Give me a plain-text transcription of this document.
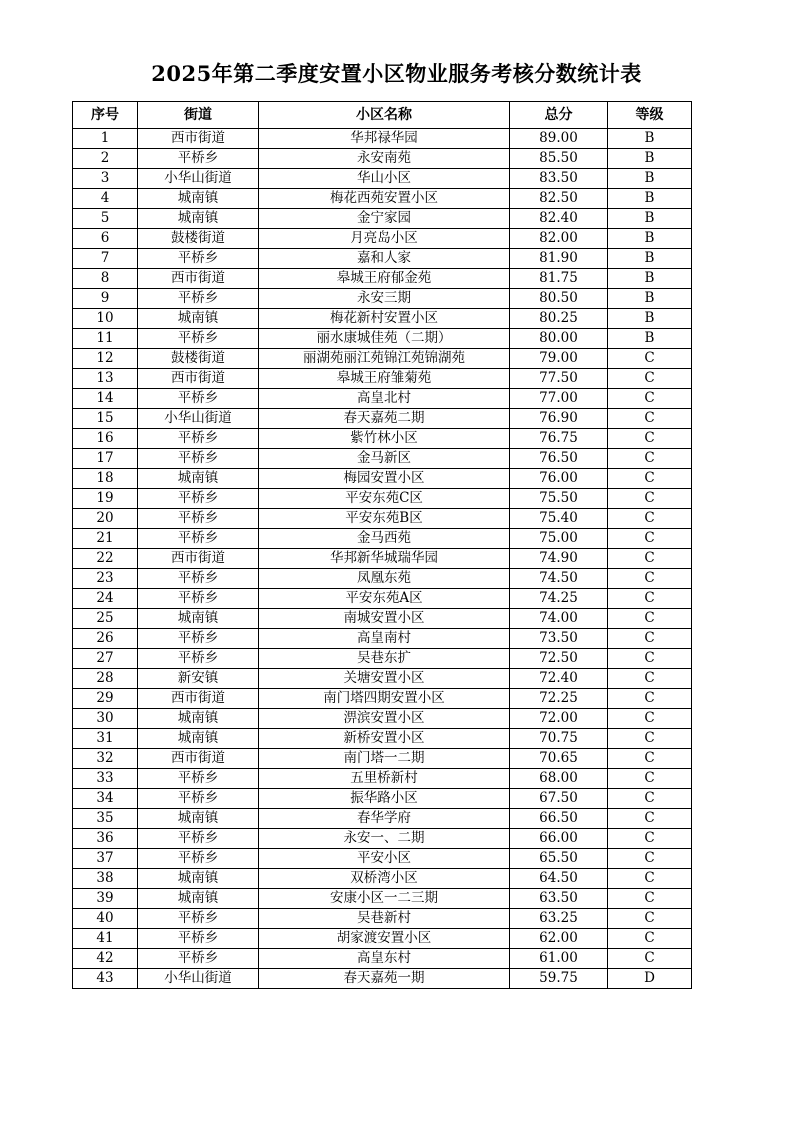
2025年第二季度安置小区物业服务考核分数统计表
序号	街道	小区名称	总分	等级
1	西市街道	华邦禄华园	89.00	B
2	平桥乡	永安南苑	85.50	B
3	小华山街道	华山小区	83.50	B
4	城南镇	梅花西苑安置小区	82.50	B
5	城南镇	金宁家园	82.40	B
6	鼓楼街道	月亮岛小区	82.00	B
7	平桥乡	嘉和人家	81.90	B
8	西市街道	皋城王府郁金苑	81.75	B
9	平桥乡	永安三期	80.50	B
10	城南镇	梅花新村安置小区	80.25	B
11	平桥乡	丽水康城佳苑（二期）	80.00	B
12	鼓楼街道	丽湖苑丽江苑锦江苑锦湖苑	79.00	C
13	西市街道	皋城王府雏菊苑	77.50	C
14	平桥乡	高皇北村	77.00	C
15	小华山街道	春天嘉苑二期	76.90	C
16	平桥乡	紫竹林小区	76.75	C
17	平桥乡	金马新区	76.50	C
18	城南镇	梅园安置小区	76.00	C
19	平桥乡	平安东苑C区	75.50	C
20	平桥乡	平安东苑B区	75.40	C
21	平桥乡	金马西苑	75.00	C
22	西市街道	华邦新华城瑞华园	74.90	C
23	平桥乡	凤凰东苑	74.50	C
24	平桥乡	平安东苑A区	74.25	C
25	城南镇	南城安置小区	74.00	C
26	平桥乡	高皇南村	73.50	C
27	平桥乡	吴巷东扩	72.50	C
28	新安镇	关塘安置小区	72.40	C
29	西市街道	南门塔四期安置小区	72.25	C
30	城南镇	淠滨安置小区	72.00	C
31	城南镇	新桥安置小区	70.75	C
32	西市街道	南门塔一二期	70.65	C
33	平桥乡	五里桥新村	68.00	C
34	平桥乡	振华路小区	67.50	C
35	城南镇	春华学府	66.50	C
36	平桥乡	永安一、二期	66.00	C
37	平桥乡	平安小区	65.50	C
38	城南镇	双桥湾小区	64.50	C
39	城南镇	安康小区一二三期	63.50	C
40	平桥乡	吴巷新村	63.25	C
41	平桥乡	胡家渡安置小区	62.00	C
42	平桥乡	高皇东村	61.00	C
43	小华山街道	春天嘉苑一期	59.75	D
